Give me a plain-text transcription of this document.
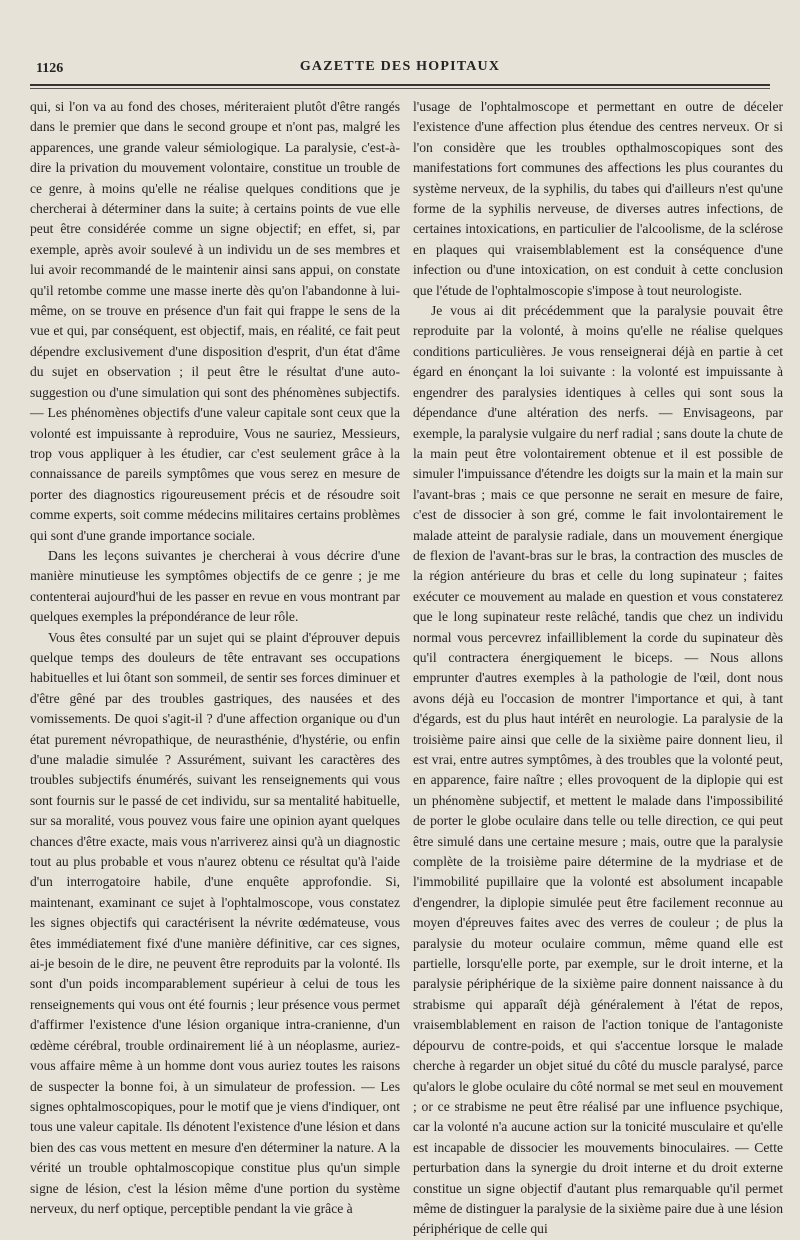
1126	GAZETTE DES HOPITAUX

qui, si l'on va au fond des choses, mériteraient plutôt d'être rangés dans le premier que dans le second groupe et n'ont pas, malgré les apparences, une grande valeur sémiologique. La paralysie, c'est-à-dire la privation du mouvement volontaire, constitue un trouble de ce genre, à moins qu'elle ne réalise quelques conditions que je chercherai à déterminer dans la suite; à certains points de vue elle peut être considérée comme un signe objectif; en effet, si, par exemple, après avoir soulevé à un individu un de ses membres et lui avoir recommandé de le maintenir ainsi sans appui, on constate qu'il retombe comme une masse inerte dès qu'on l'abandonne à lui-même, on se trouve en présence d'un fait qui frappe le sens de la vue et qui, par conséquent, est objectif, mais, en réalité, ce fait peut dépendre exclusivement d'une disposition d'esprit, d'un état d'âme du sujet en observation ; il peut être le résultat d'une auto-suggestion ou d'une simulation qui sont des phénomènes subjectifs. — Les phénomènes objectifs d'une valeur capitale sont ceux que la volonté est impuissante à reproduire, Vous ne sauriez, Messieurs, trop vous appliquer à les étudier, car c'est seulement grâce à la connaissance de pareils symptômes que vous serez en mesure de porter des diagnostics rigoureusement précis et de résoudre soit comme experts, soit comme médecins militaires certains problèmes qui sont d'une grande importance sociale.

Dans les leçons suivantes je chercherai à vous décrire d'une manière minutieuse les symptômes objectifs de ce genre ; je me contenterai aujourd'hui de les passer en revue en vous montrant par quelques exemples la prépondérance de leur rôle.

Vous êtes consulté par un sujet qui se plaint d'éprouver depuis quelque temps des douleurs de tête entravant ses occupations habituelles et lui ôtant son sommeil, de sentir ses forces diminuer et d'être gêné par des troubles gastriques, des nausées et des vomissements. De quoi s'agit-il ? d'une affection organique ou d'un état purement névropathique, de neurasthénie, d'hystérie, ou enfin d'une maladie simulée ? Assurément, suivant les caractères des troubles subjectifs énumérés, suivant les renseignements qui vous sont fournis sur le passé de cet individu, sur sa mentalité habituelle, sur sa moralité, vous pouvez vous faire une opinion ayant quelques chances d'être exacte, mais vous n'arriverez ainsi qu'à un diagnostic tout au plus probable et vous n'aurez obtenu ce résultat qu'à l'aide d'un interrogatoire habile, d'une enquête approfondie. Si, maintenant, examinant ce sujet à l'ophtalmoscope, vous constatez les signes objectifs qui caractérisent la névrite œdémateuse, vous êtes immédiatement fixé d'une manière définitive, car ces signes, ai-je besoin de le dire, ne peuvent être reproduits par la volonté. Ils sont d'un poids incomparablement supérieur à celui de tous les renseignements qui vous ont été fournis ; leur présence vous permet d'affirmer l'existence d'une lésion organique intra-cranienne, d'un œdème cérébral, trouble ordinairement lié à un néoplasme, auriez-vous affaire même à un homme dont vous auriez toutes les raisons de suspecter la bonne foi, à un simulateur de profession. — Les signes ophtalmoscopiques, pour le motif que je viens d'indiquer, ont tous une valeur capitale. Ils dénotent l'existence d'une lésion et dans bien des cas vous mettent en mesure d'en déterminer la nature. A la vérité un trouble ophtalmoscopique constitue plus qu'un simple signe de lésion, c'est la lésion même d'une portion du système nerveux, du nerf optique, perceptible pendant la vie grâce à

l'usage de l'ophtalmoscope et permettant en outre de déceler l'existence d'une affection plus étendue des centres nerveux. Or si l'on considère que les troubles opthalmoscopiques sont des manifestations fort communes des affections les plus courantes du système nerveux, de la syphilis, du tabes qui d'ailleurs n'est qu'une forme de la syphilis nerveuse, de diverses autres infections, de certaines intoxications, en particulier de l'alcoolisme, de la sclérose en plaques qui vraisemblablement est la conséquence d'une infection ou d'une intoxication, on est conduit à cette conclusion que l'étude de l'ophtalmoscopie s'impose à tout neurologiste.

Je vous ai dit précédemment que la paralysie pouvait être reproduite par la volonté, à moins qu'elle ne réalise quelques conditions particulières. Je vous renseignerai déjà en partie à cet égard en énonçant la loi suivante : la volonté est impuissante à engendrer des paralysies identiques à celles qui sont sous la dépendance d'une altération des nerfs. — Envisageons, par exemple, la paralysie vulgaire du nerf radial ; sans doute la chute de la main peut être volontairement obtenue et il est possible de simuler l'impuissance d'étendre les doigts sur la main et la main sur l'avant-bras ; mais ce que personne ne serait en mesure de faire, c'est de dissocier à son gré, comme le fait involontairement le malade atteint de paralysie radiale, dans un mouvement énergique de flexion de l'avant-bras sur le bras, la contraction des muscles de la région antérieure du bras et celle du long supinateur ; faites exécuter ce mouvement au malade en question et vous constaterez que le long supinateur reste relâché, tandis que chez un individu normal vous percevrez infailliblement la corde du supinateur dès qu'il contractera énergiquement le biceps. — Nous allons emprunter d'autres exemples à la pathologie de l'œil, dont nous avons déjà eu l'occasion de montrer l'importance et qui, à tant d'égards, est du plus haut intérêt en neurologie. La paralysie de la troisième paire ainsi que celle de la sixième paire donnent lieu, il est vrai, entre autres symptômes, à des troubles que la volonté peut, en apparence, faire naître ; elles provoquent de la diplopie qui est un phénomène subjectif, et mettent le malade dans l'impossibilité de porter le globe oculaire dans telle ou telle direction, ce qui peut être simulé dans une certaine mesure ; mais, outre que la paralysie complète de la troisième paire détermine de la mydriase et de l'immobilité pupillaire que la volonté est absolument incapable d'engendrer, la diplopie simulée peut être facilement reconnue au moyen d'épreuves faites avec des verres de couleur ; de plus la paralysie du moteur oculaire commun, même quand elle est partielle, lorsqu'elle porte, par exemple, sur le droit interne, et la paralysie périphérique de la sixième paire donnent naissance à du strabisme qui apparaît déjà généralement à l'état de repos, vraisemblablement en raison de l'action tonique de l'antagoniste dépourvu de contre-poids, et qui s'accentue lorsque le malade cherche à regarder un objet situé du côté du muscle paralysé, parce qu'alors le globe oculaire du côté normal se met seul en mouvement ; or ce strabisme ne peut être réalisé par une influence psychique, car la volonté n'a aucune action sur la tonicité musculaire et qu'elle est incapable de dissocier les mouvements binoculaires. — Cette perturbation dans la synergie du droit interne et du droit externe constitue un signe objectif d'autant plus remarquable qu'il permet même de distinguer la paralysie de la sixième paire due à une lésion périphérique de celle qui
